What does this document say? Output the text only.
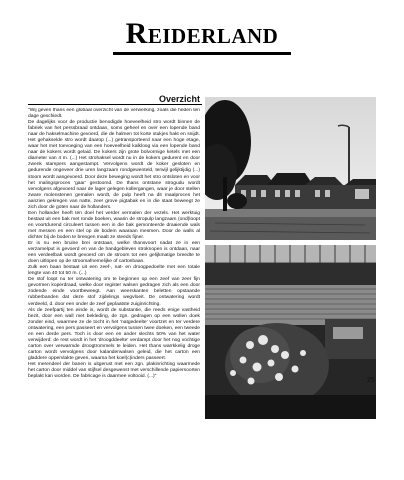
Reiderland
Overzicht

"Wij geven thans een globaal overzicht van de verwerking, zoals die heden ten dage geschiedt.

De dagelijks voor de productie benodigde hoeveelheid stro wordt binnen de fabriek van het perssbraad ontdaan, soms geheel en over een lopende band naar de hakselmachine gevoerd, die de halmen tot korte stukjes hakt en snijdt. Het gehakselde stro wordt daarop (...) getransporteerd naar een hoge etage, waar het met toevoeging van een hoeveelheid kalkloog via een lopende band naar de kokers wordt gelaid. De kokers zijn grote bolvormige ketels met een diameter van 4 m. (...) Het strohaksel wordt nu in de kokers gedurent en door zwenk stampers aangestampt. Vervolgens wordt de koker gesloten en gedurende ongeveer drie uren langzaam rondgewenteld, terwijl gelijktijdig (...) stoom wordt aangevoerd. Door deze beweging wordt het stro ontsloten en voor het malingsproces 'gaar' gestoomd. De thans ontstane strogudu wordt vervolgens afgevoerd naar de lager gelegen kollergangen, waar je door stellen zware molenstenen gemalen wordt, de pulp heeft na dit maalproces het aanzien gekregen van natte, zeer grove pigtabak en in die staat beweegt ze zich door de goten naar de hollanders.

Een hollander heeft ten doel het verder vermalen der vezels. Het werktuig bestaat uit een bak met ronde boeken, waarin de stropulp langzaam (ond)loopt en voortdurend circuleert tussen een in die bak gemonteerde draaiende wals met messen en een stel op de bodem waaraan mesmen. Door de walls al dichter bij de boden te brengen maalt ze steeds fijner.

Er is nu een bruine brei ontstaan, welke thansvoort nadat ze in een verzamelput is gevoerd en van de handgebleven stroknopen is ontdaan, naar een verdeelbak wordt gevoerd om de stroom tot een gelijkmatige breedte te doen uitlopen op de stroomafnemelijke of cartonbaan.

Zulk een baan bestaat uit een zeef-, nat- en droogpedoelte met een totale lengte van 40 tot 50 m. (...)

De stof loopt nu ter ontwatering om te beginnen op een zeef van zeer fijn gevormen koperdraad, welke door register walsen gedragen zich als een door zodende einde voortbeweegt. Aan weerskanten beletten opstaande rubberbanden dat deze stof zijdelings wegvloeit. De ontwatering wordt verdeeld, d. door een onder de zeef geplaatste zuiginrichting.

Als de zeefpartij ten einde is, wordt de substantie, die reeds enige vastheid bezit, door een wall met bekleding, de zgn. gedragen op een wollen doek zonder eind, waarmee ze de tocht in het 'natgedeelte' voortzet en ter verdere ontwatering, een pers passeert en vervolgens tussen twee doeken, een tweede en een derde pers. Toch is door een en ander slechts 50% van het water verwijderd: de rest wordt in het 'droogddeelte' verdampt door het nog vochtige carton over verwarmde droogtrommels te leiden. Het thans warrkkelig droge carton wordt vervolgens door kalanderwalsen geleid, die het carton een gladdere oppervlakte geven, waarna het koel(c)inders passeert.

Het merendeel der banen is uitgerust met een zgn. plakinrichting waarmede het carton door middel van stijfsel desgewenst met verschillende papiersoorten beplakt kan worden. De fabricage is daarmee voltooid. (...)"

25
